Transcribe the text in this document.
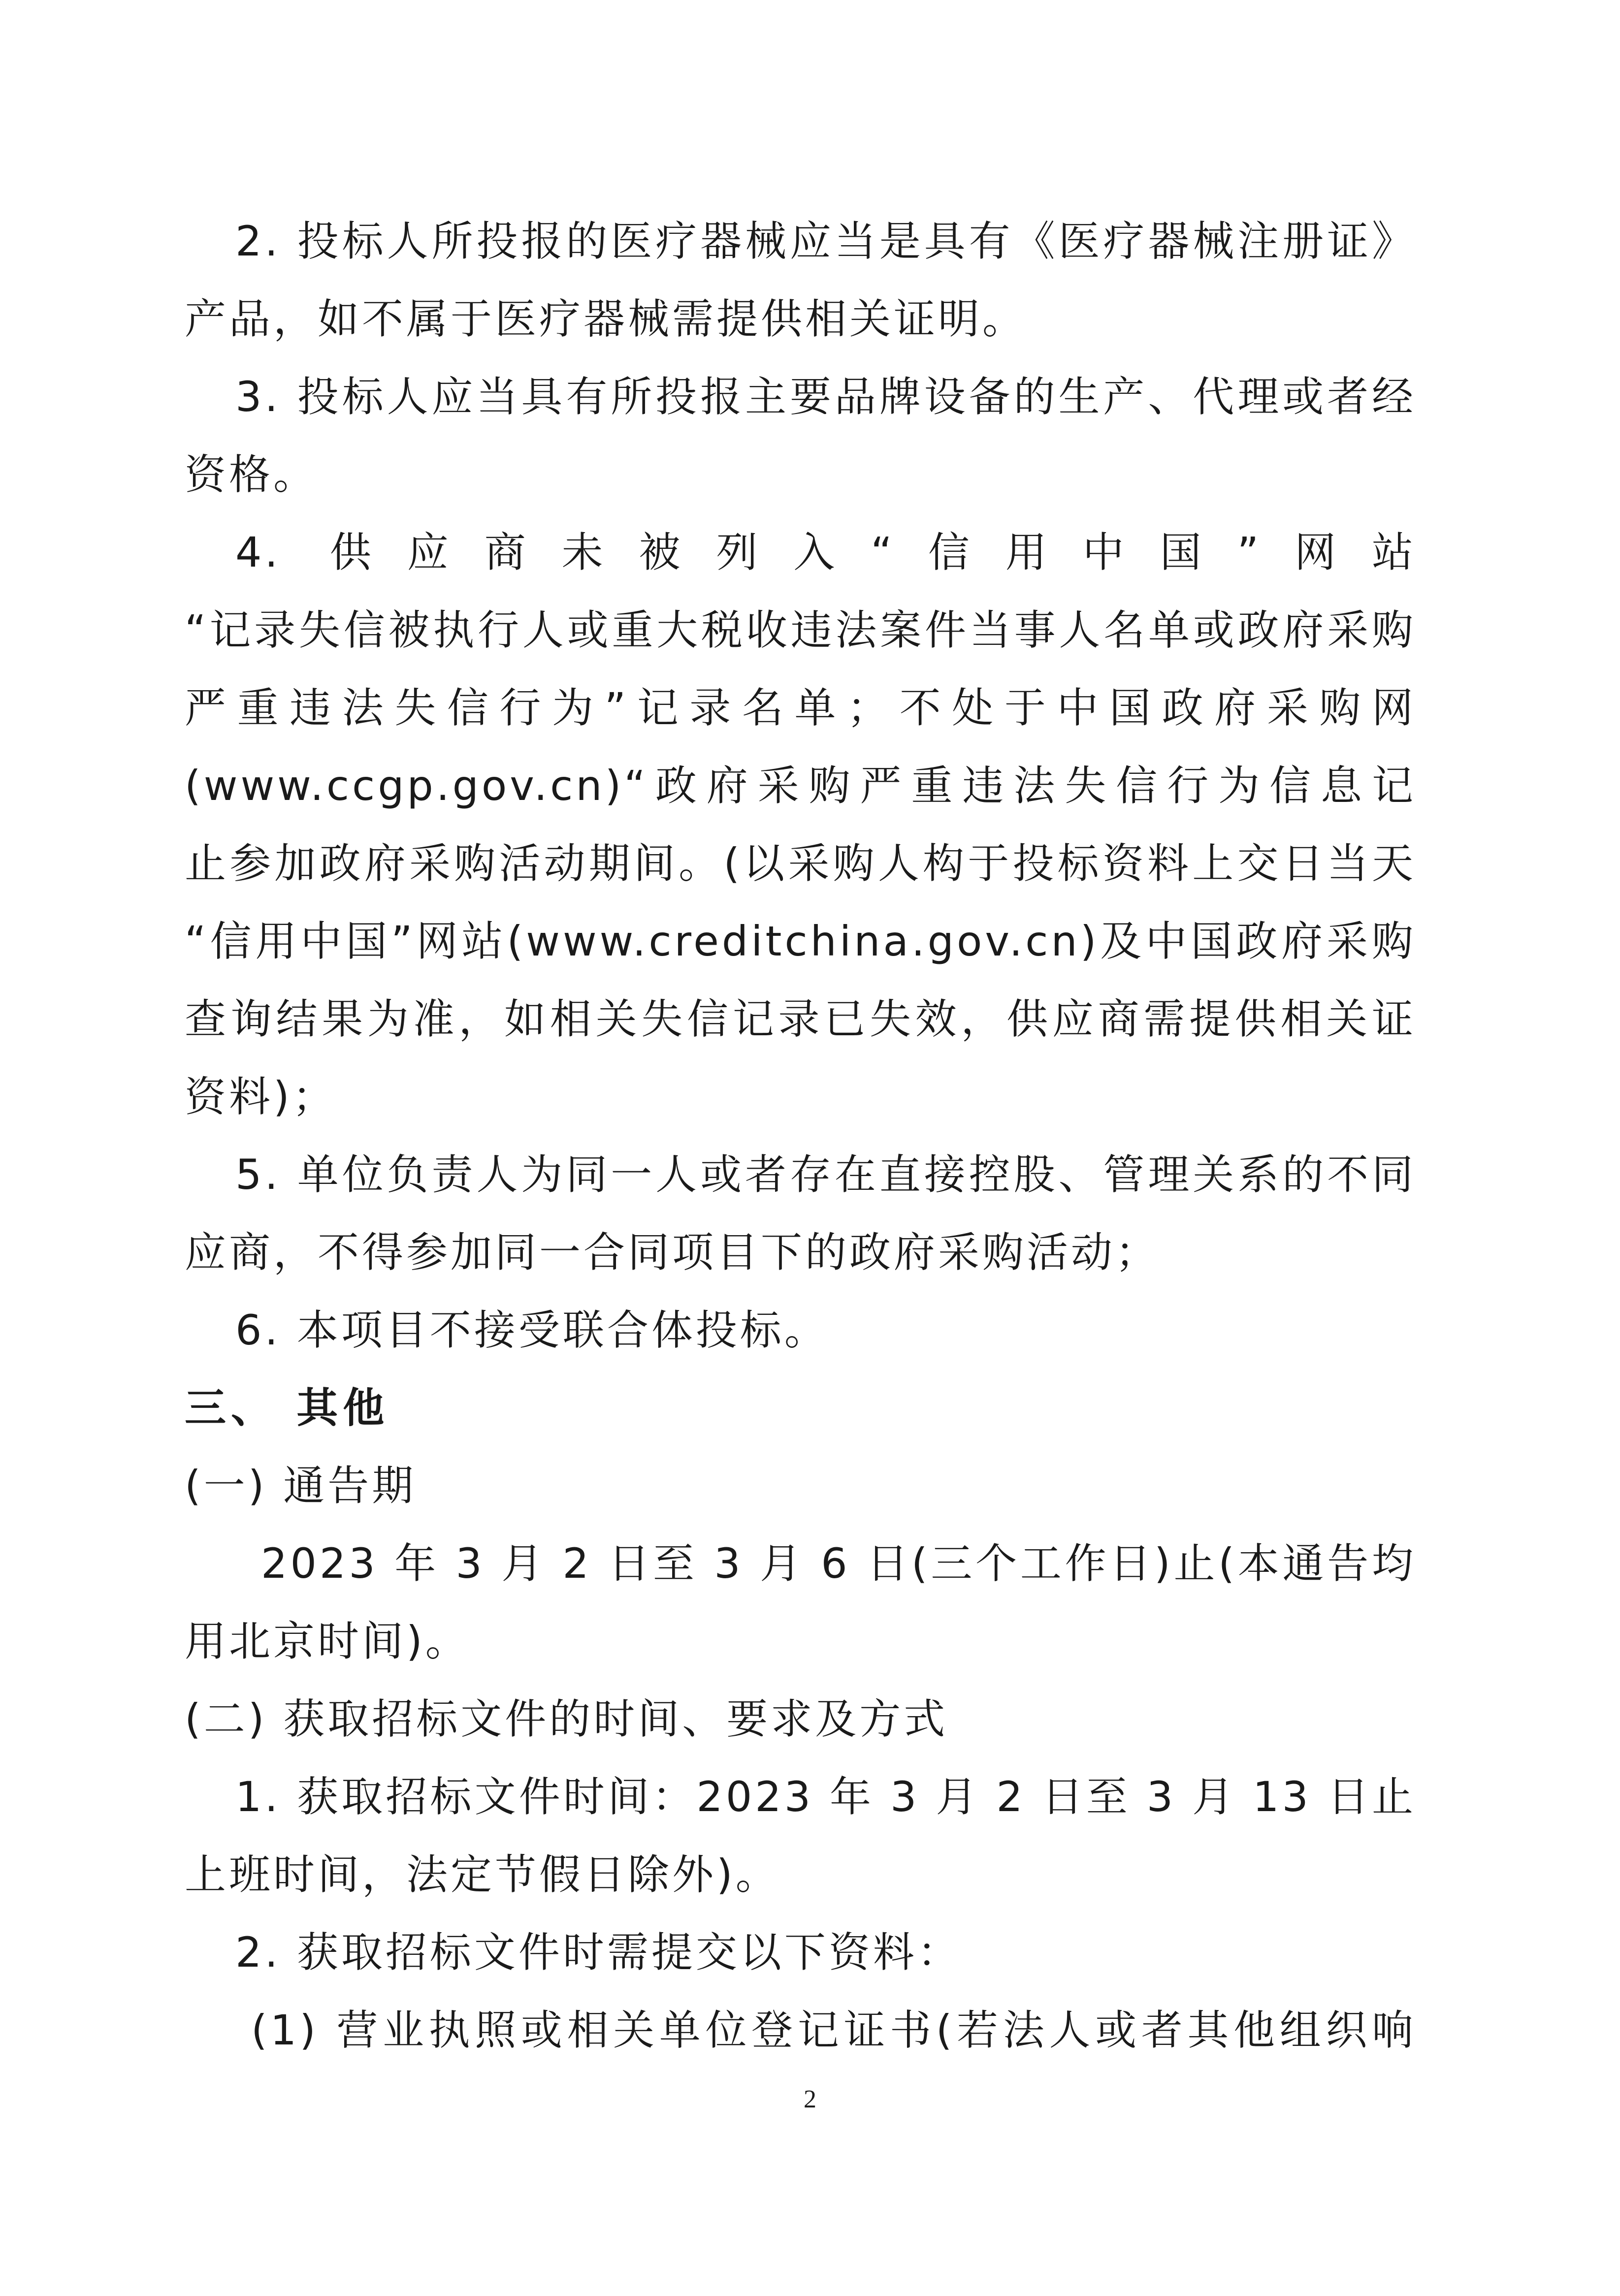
2. 投标人所投报的医疗器械应当是具有《医疗器械注册证》
产品，如不属于医疗器械需提供相关证明。
3. 投标人应当具有所投报主要品牌设备的生产、代理或者经
资格。
4. 供应商未被列入“信用中国”网站
“记录失信被执行人或重大税收违法案件当事人名单或政府采购
严重违法失信行为”记录名单；不处于中国政府采购网
(www.ccgp.gov.cn)“政府采购严重违法失信行为信息记
止参加政府采购活动期间。(以采购人构于投标资料上交日当天
“信用中国”网站(www.creditchina.gov.cn)及中国政府采购
查询结果为准，如相关失信记录已失效，供应商需提供相关证
资料)；
5. 单位负责人为同一人或者存在直接控股、管理关系的不同
应商，不得参加同一合同项目下的政府采购活动；
6. 本项目不接受联合体投标。
三、 其他
(一) 通告期
2023 年 3 月 2 日至 3 月 6 日(三个工作日)止(本通告均
用北京时间)。
(二) 获取招标文件的时间、要求及方式
1. 获取招标文件时间：2023 年 3 月 2 日至 3 月 13 日止
上班时间，法定节假日除外)。
2. 获取招标文件时需提交以下资料：
(1) 营业执照或相关单位登记证书(若法人或者其他组织响
2
